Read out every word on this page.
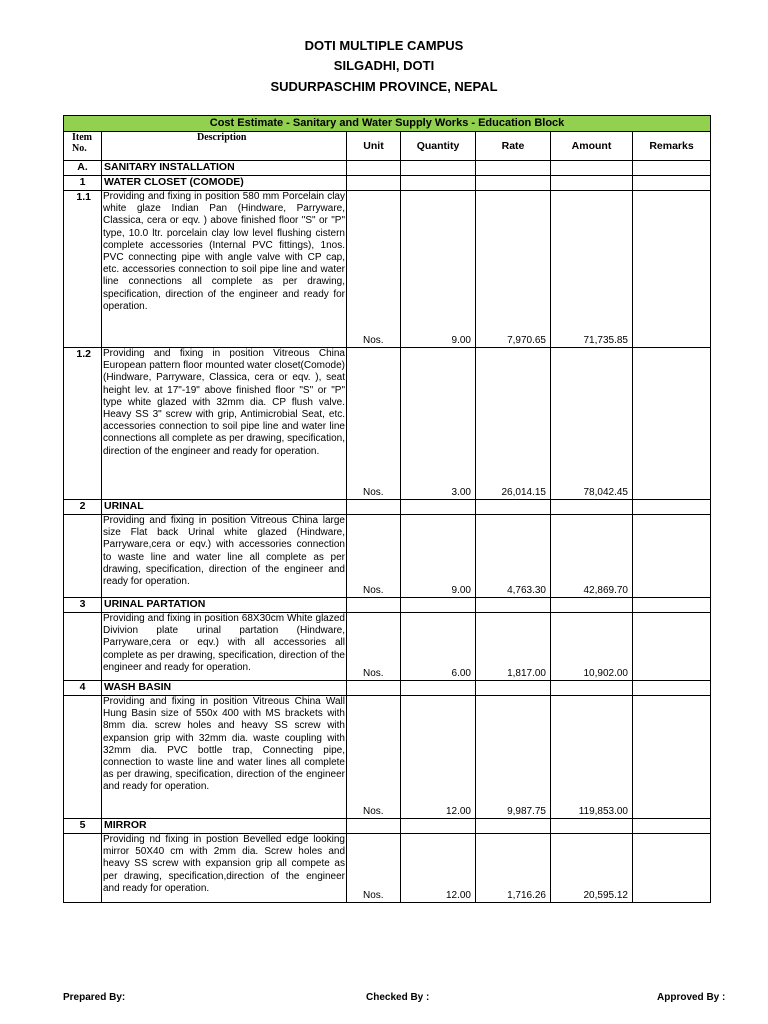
DOTI MULTIPLE CAMPUS
SILGADHI, DOTI
SUDURPASCHIM PROVINCE, NEPAL
Cost Estimate - Sanitary and Water Supply Works - Education Block						
Item No.	Description	Unit	Quantity	Rate	Amount	Remarks
A.	SANITARY INSTALLATION					
1	WATER CLOSET (COMODE)					
1.1	Providing and fixing in position 580 mm Porcelain clay white glaze Indian Pan (Hindware, Parryware, Classica, cera or eqv. ) above finished floor "S" or "P" type, 10.0 ltr. porcelain clay low level flushing cistern complete accessories (Internal PVC fittings), 1nos. PVC connecting pipe with angle valve with CP cap, etc. accessories connection to soil pipe line and water line connections all complete as per drawing, specification, direction of the engineer and ready for operation.	Nos.	9.00	7,970.65	71,735.85	
1.2	Providing and fixing in position Vitreous China European pattern floor mounted water closet(Comode) (Hindware, Parryware, Classica, cera or eqv. ), seat height lev. at 17"-19" above finished floor "S" or "P" type white glazed with 32mm dia. CP flush valve. Heavy SS 3" screw with grip, Antimicrobial Seat, etc. accessories connection to soil pipe line and water line connections all complete as per drawing, specification, direction of the engineer and ready for operation.	Nos.	3.00	26,014.15	78,042.45	
2	URINAL					
	Providing and fixing in position Vitreous China large size Flat back Urinal white glazed (Hindware, Parryware,cera or eqv.) with accessories connection to waste line and water line all complete as per drawing, specification, direction of the engineer and ready for operation.	Nos.	9.00	4,763.30	42,869.70	
3	URINAL PARTATION					
	Providing and fixing in position 68X30cm White glazed Divivion plate urinal partation (Hindware, Parryware,cera or eqv.) with all accessories all complete as per drawing, specification, direction of the engineer and ready for operation.	Nos.	6.00	1,817.00	10,902.00	
4	WASH BASIN					
	Providing and fixing in position Vitreous China Wall Hung Basin size of 550x 400 with MS brackets with 8mm dia. screw holes and heavy SS screw with expansion grip with 32mm dia. waste coupling with 32mm dia. PVC bottle trap, Connecting pipe, connection to waste line and water lines all complete as per drawing, specification, direction of the engineer and ready for operation.	Nos.	12.00	9,987.75	119,853.00	
5	MIRROR					
	Providing nd fixing in postion Bevelled edge looking mirror 50X40 cm with 2mm dia. Screw holes and heavy SS screw with expansion grip all compete as per drawing, specification,direction of the engineer and ready for operation.	Nos.	12.00	1,716.26	20,595.12	
Prepared By:	Checked By :	Approved By :
